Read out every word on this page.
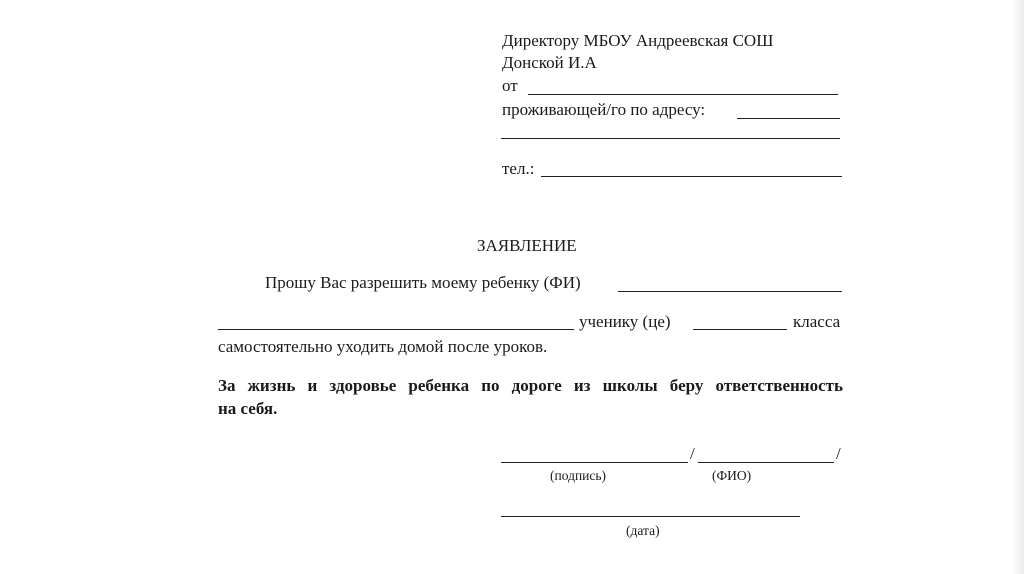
Директору МБОУ Андреевская СОШ
Донской И.А
от
проживающей/го по адресу:
тел.:
ЗАЯВЛЕНИЕ
Прошу Вас разрешить моему ребенку (ФИ)
ученику (це)	класса
самостоятельно уходить домой после уроков.
За жизнь и здоровье ребенка по дороге из школы беру ответственность
на себя.
/	/
(подпись)	(ФИО)
(дата)
